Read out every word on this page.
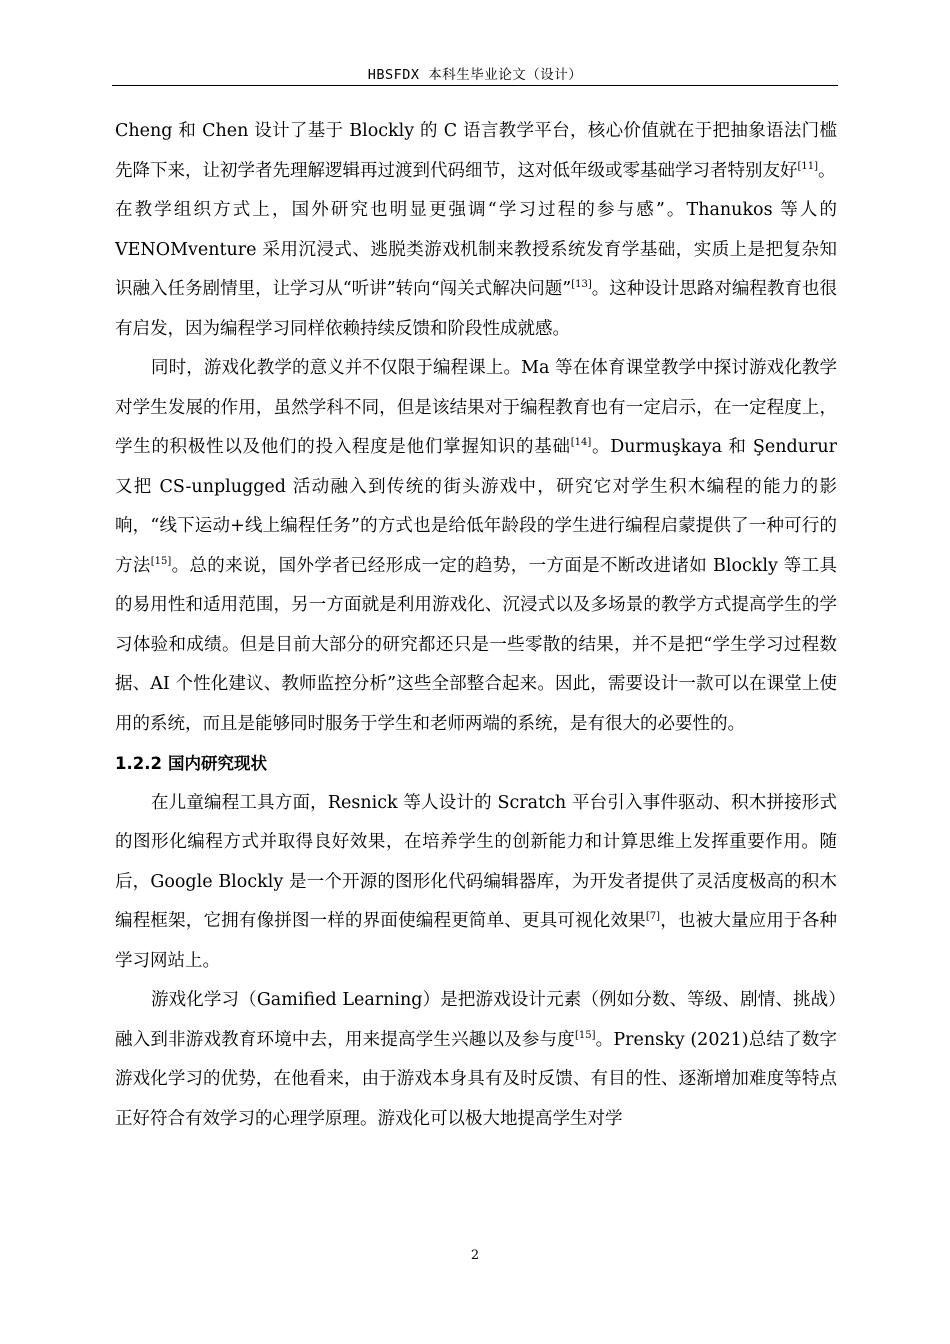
HBSFDX 本科生毕业论文（设计）

Cheng 和 Chen 设计了基于 Blockly 的 C 语言教学平台，核心价值就在于把抽象语法门槛先降下来，让初学者先理解逻辑再过渡到代码细节，这对低年级或零基础学习者特别友好[11]。

在教学组织方式上，国外研究也明显更强调“学习过程的参与感”。Thanukos 等人的 VENOMventure 采用沉浸式、逃脱类游戏机制来教授系统发育学基础，实质上是把复杂知识融入任务剧情里，让学习从“听讲”转向“闯关式解决问题”[13]。这种设计思路对编程教育也很有启发，因为编程学习同样依赖持续反馈和阶段性成就感。

同时，游戏化教学的意义并不仅限于编程课上。Ma 等在体育课堂教学中探讨游戏化教学对学生发展的作用，虽然学科不同，但是该结果对于编程教育也有一定启示，在一定程度上，学生的积极性以及他们的投入程度是他们掌握知识的基础[14]。Durmuşkaya 和 Şendurur 又把 CS-unplugged 活动融入到传统的街头游戏中，研究它对学生积木编程的能力的影响，“线下运动+线上编程任务”的方式也是给低年龄段的学生进行编程启蒙提供了一种可行的方法[15]。总的来说，国外学者已经形成一定的趋势，一方面是不断改进诸如 Blockly 等工具的易用性和适用范围，另一方面就是利用游戏化、沉浸式以及多场景的教学方式提高学生的学习体验和成绩。但是目前大部分的研究都还只是一些零散的结果，并不是把“学生学习过程数据、AI 个性化建议、教师监控分析”这些全部整合起来。因此，需要设计一款可以在课堂上使用的系统，而且是能够同时服务于学生和老师两端的系统，是有很大的必要性的。

1.2.2 国内研究现状

在儿童编程工具方面，Resnick 等人设计的 Scratch 平台引入事件驱动、积木拼接形式的图形化编程方式并取得良好效果，在培养学生的创新能力和计算思维上发挥重要作用。随后，Google Blockly 是一个开源的图形化代码编辑器库，为开发者提供了灵活度极高的积木编程框架，它拥有像拼图一样的界面使编程更简单、更具可视化效果[7]，也被大量应用于各种学习网站上。

游戏化学习（Gamified Learning）是把游戏设计元素（例如分数、等级、剧情、挑战）融入到非游戏教育环境中去，用来提高学生兴趣以及参与度[15]。Prensky (2021)总结了数字游戏化学习的优势，在他看来，由于游戏本身具有及时反馈、有目的性、逐渐增加难度等特点正好符合有效学习的心理学原理。游戏化可以极大地提高学生对学

2
